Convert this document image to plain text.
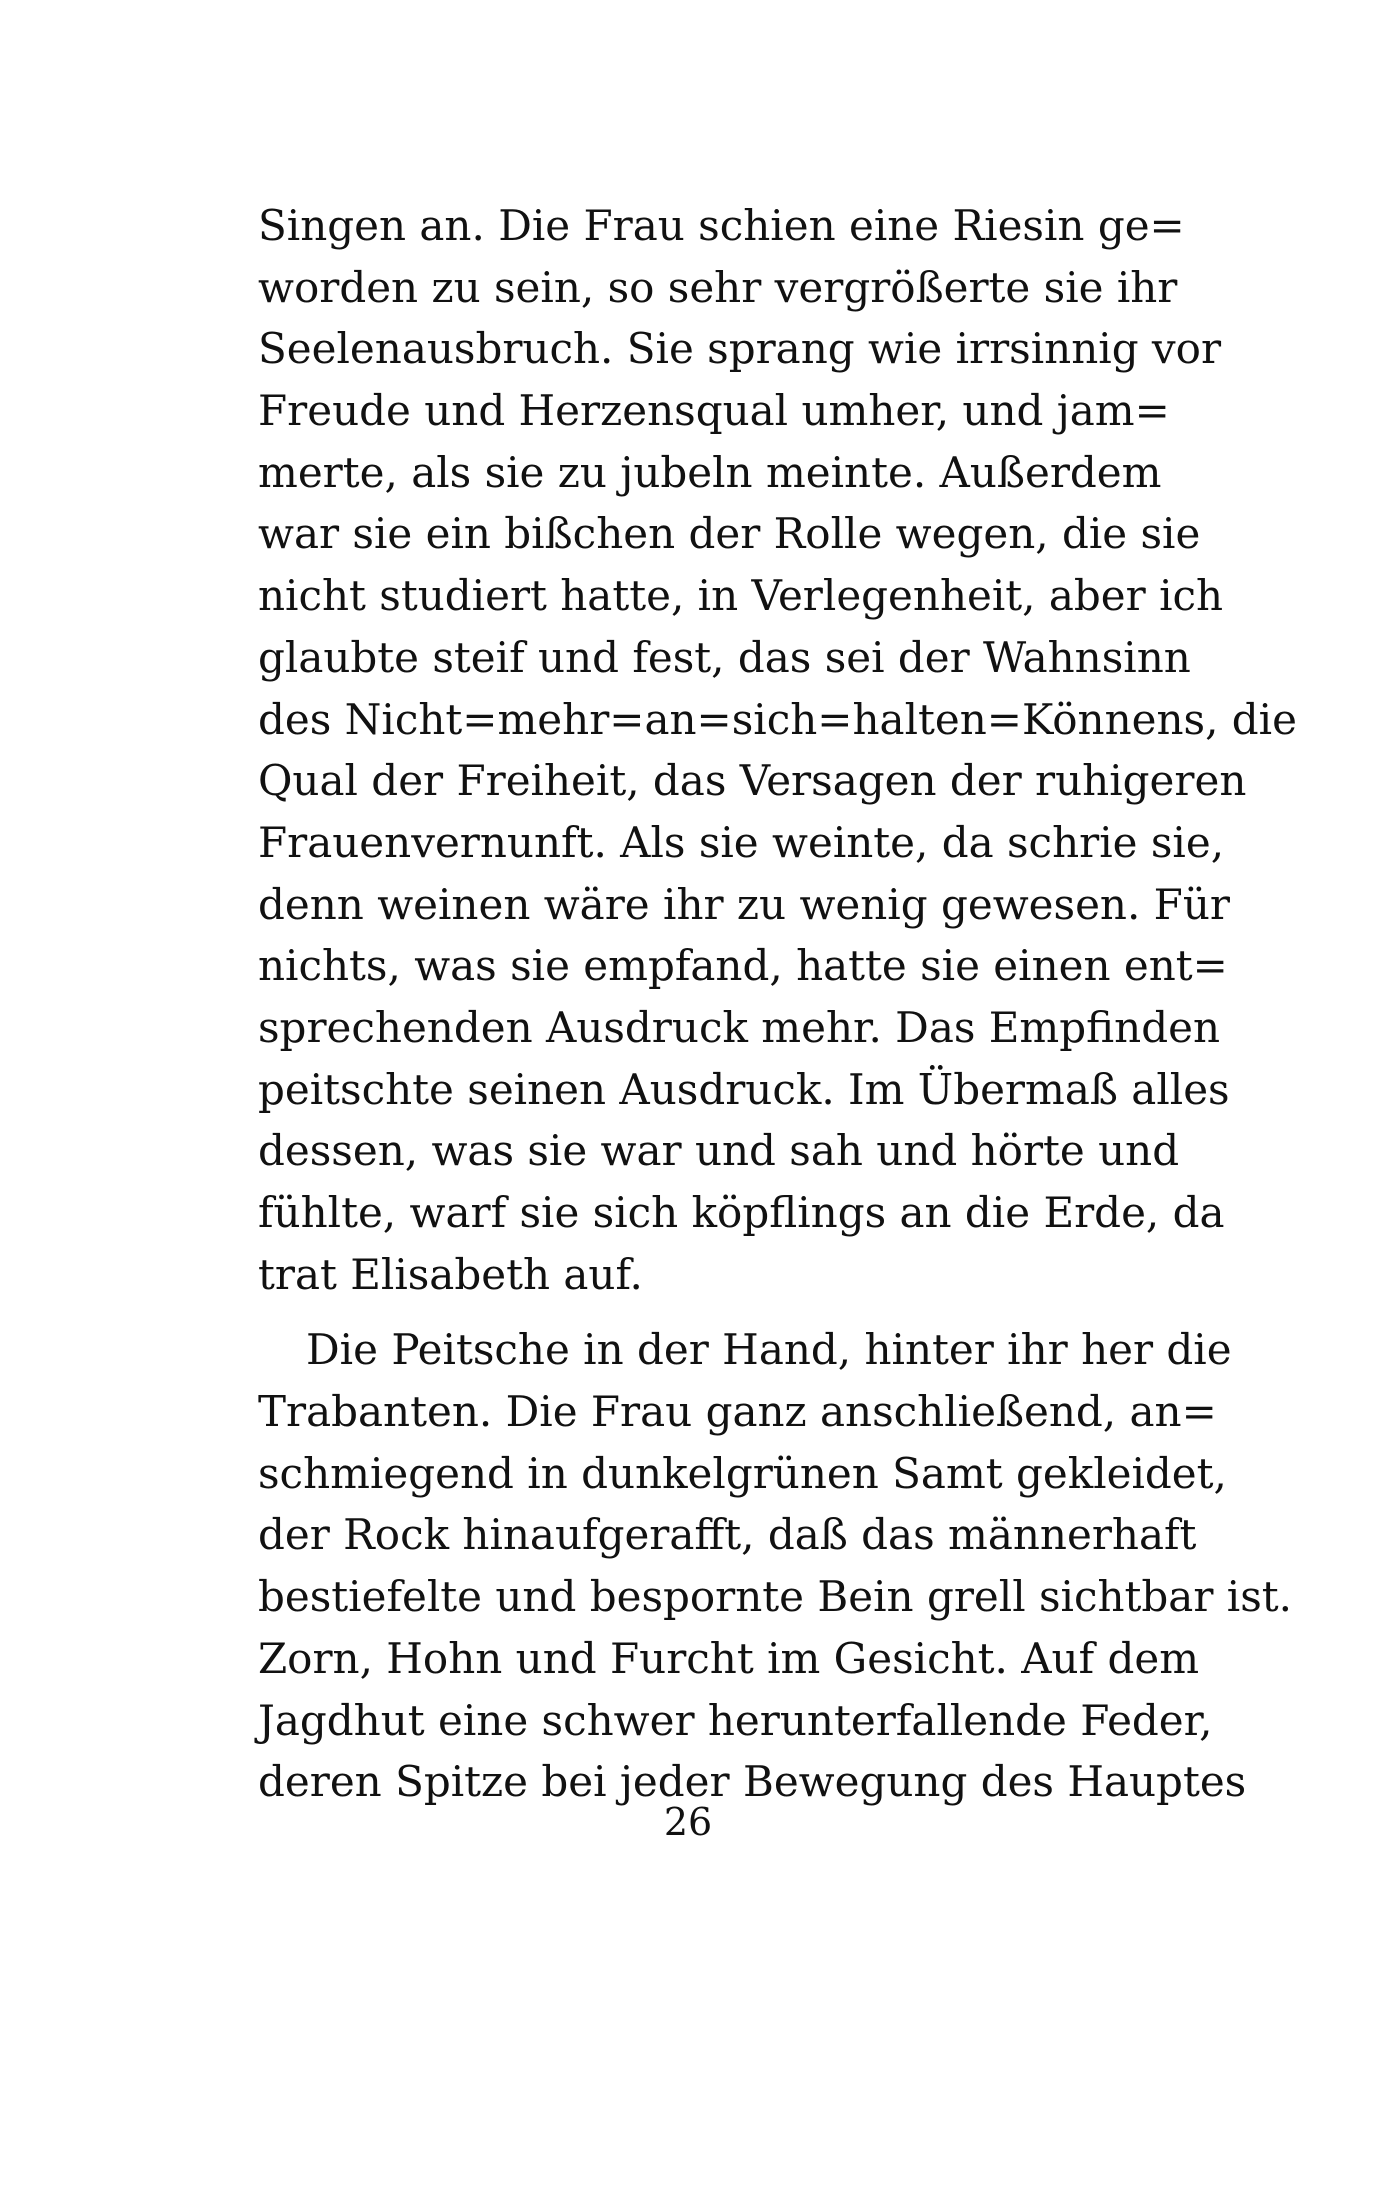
Singen an. Die Frau schien eine Riesin ge=
worden zu sein, so sehr vergrößerte sie ihr
Seelenausbruch. Sie sprang wie irrsinnig vor
Freude und Herzensqual umher, und jam=
merte, als sie zu jubeln meinte. Außerdem
war sie ein bißchen der Rolle wegen, die sie
nicht studiert hatte, in Verlegenheit, aber ich
glaubte steif und fest, das sei der Wahnsinn
des Nicht=mehr=an=sich=halten=Könnens, die
Qual der Freiheit, das Versagen der ruhigeren
Frauenvernunft. Als sie weinte, da schrie sie,
denn weinen wäre ihr zu wenig gewesen. Für
nichts, was sie empfand, hatte sie einen ent=
sprechenden Ausdruck mehr. Das Empfinden
peitschte seinen Ausdruck. Im Übermaß alles
dessen, was sie war und sah und hörte und
fühlte, warf sie sich köpflings an die Erde, da
trat Elisabeth auf.
Die Peitsche in der Hand, hinter ihr her die
Trabanten. Die Frau ganz anschließend, an=
schmiegend in dunkelgrünen Samt gekleidet,
der Rock hinaufgerafft, daß das männerhaft
bestiefelte und bespornte Bein grell sichtbar ist.
Zorn, Hohn und Furcht im Gesicht. Auf dem
Jagdhut eine schwer herunterfallende Feder,
deren Spitze bei jeder Bewegung des Hauptes
26
